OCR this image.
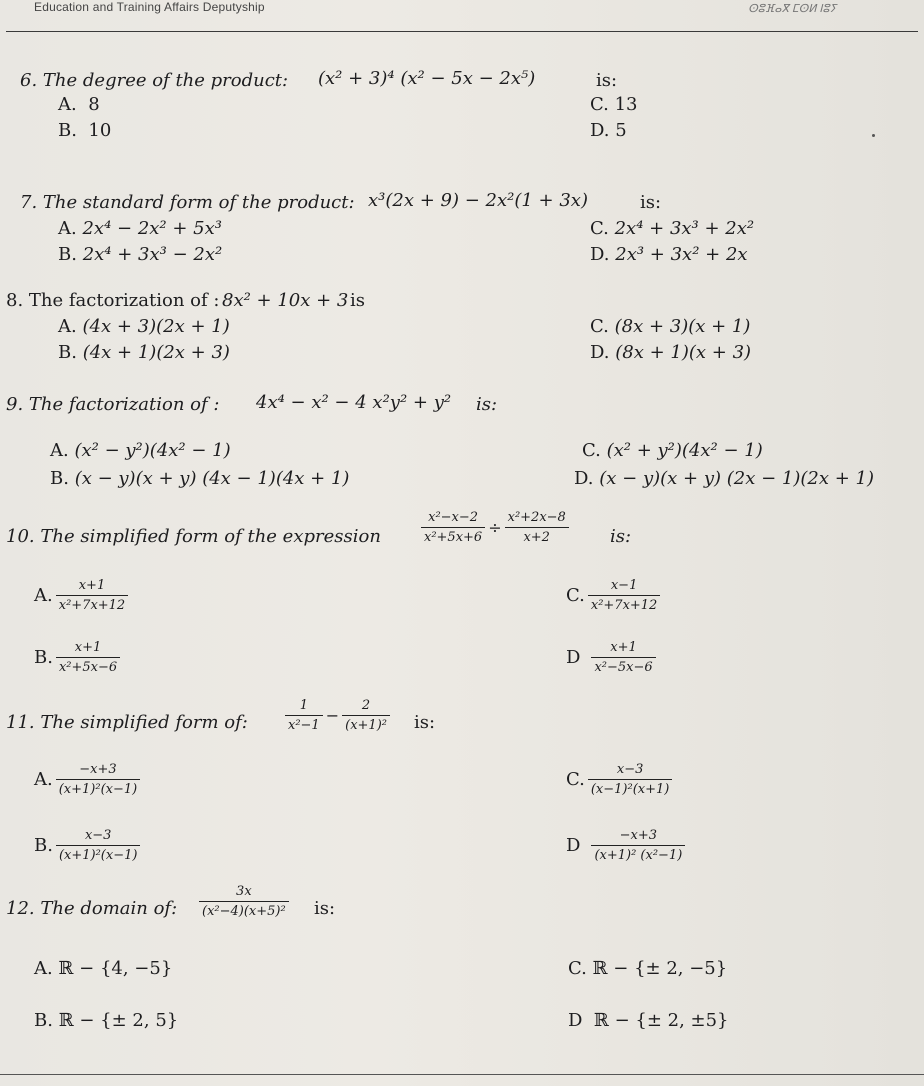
Education and Training Affairs Deputyship	ⵙⵓⴼⴰⴳ ⵎⵙⵍ ⵏⵓⵢ
6. The degree of the product: (x² + 3)⁴ (x² − 5x − 2x⁵)	is:
A. 8	C. 13
B. 10	D. 5
7. The standard form of the product: x³(2x + 9) − 2x²(1 + 3x)	is:
A. 2x⁴ − 2x² + 5x³	C. 2x⁴ + 3x³ + 2x²
B. 2x⁴ + 3x³ − 2x²	D. 2x³ + 3x² + 2x
8. The factorization of : 8x² + 10x + 3 is
A. (4x + 3)(2x + 1)	C. (8x + 3)(x + 1)
B. (4x + 1)(2x + 3)	D. (8x + 1)(x + 3)
9. The factorization of : 4x⁴ − x² − 4 x²y² + y² is:
A. (x² − y²)(4x² − 1)	C. (x² + y²)(4x² − 1)
B. (x − y)(x + y) (4x − 1)(4x + 1)	D. (x − y)(x + y) (2x − 1)(2x + 1)
10. The simplified form of the expression	$\frac{\text{x²−x−2}}{\text{x²+5x+6}} \div \frac{\text{x²+2x−8}}{x+2}$ is:
A. $\frac{x+1}{\text{x²+7x+12}}$	C. $\frac{x-1}{\text{x²+7x+12}}$
B. $\frac{x+1}{\text{x²+5x−6}}$	D $\frac{x+1}{\text{x²−5x−6}}$
11. The simplified form of:	$\frac{1}{\text{x²−1}} - \frac{2}{\text{(x+1)²}}$ is:
A. $\frac{-x+3}{\text{(x+1)²(x−1)}}$	C. $\frac{x-3}{\text{(x−1)²(x+1)}}$
B. $\frac{x-3}{\text{(x+1)²(x−1)}}$	D $\frac{-x+3}{\text{(x+1)² (x²−1)}}$
12. The domain of: $\frac{3x}{\text{(x²−4)(x+5)²}}$ is:
A. ℝ − {4, −5}	C. ℝ − {± 2, −5}
B. ℝ − {± 2, 5}	D ℝ − {± 2, ±5}
